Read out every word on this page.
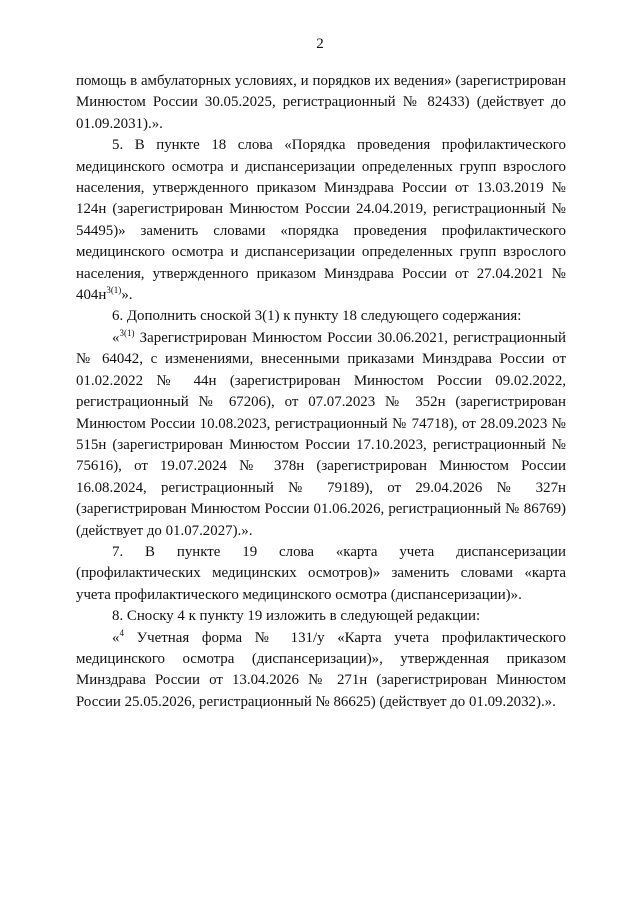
2

помощь в амбулаторных условиях, и порядков их ведения» (зарегистрирован Минюстом России 30.05.2025, регистрационный № 82433) (действует до 01.09.2031).».

5. В пункте 18 слова «Порядка проведения профилактического медицинского осмотра и диспансеризации определенных групп взрослого населения, утвержденного приказом Минздрава России от 13.03.2019 № 124н (зарегистрирован Минюстом России 24.04.2019, регистрационный № 54495)» заменить словами «порядка проведения профилактического медицинского осмотра и диспансеризации определенных групп взрослого населения, утвержденного приказом Минздрава России от 27.04.2021 № $404н^{3(1)}$».

6. Дополнить сноской 3(1) к пункту 18 следующего содержания:

«$^{3(1)}$ Зарегистрирован Минюстом России 30.06.2021, регистрационный № 64042, с изменениями, внесенными приказами Минздрава России от 01.02.2022 № 44н (зарегистрирован Минюстом России 09.02.2022, регистрационный № 67206), от 07.07.2023 № 352н (зарегистрирован Минюстом России 10.08.2023, регистрационный № 74718), от 28.09.2023 № 515н (зарегистрирован Минюстом России 17.10.2023, регистрационный № 75616), от 19.07.2024 № 378н (зарегистрирован Минюстом России 16.08.2024, регистрационный № 79189), от 29.04.2026 № 327н (зарегистрирован Минюстом России 01.06.2026, регистрационный № 86769) (действует до 01.07.2027).».

7. В пункте 19 слова «карта учета диспансеризации (профилактических медицинских осмотров)» заменить словами «карта учета профилактического медицинского осмотра (диспансеризации)».

8. Сноску 4 к пункту 19 изложить в следующей редакции:

«$^4$ Учетная форма № 131/у «Карта учета профилактического медицинского осмотра (диспансеризации)», утвержденная приказом Минздрава России от 13.04.2026 № 271н (зарегистрирован Минюстом России 25.05.2026, регистрационный № 86625) (действует до 01.09.2032).».
